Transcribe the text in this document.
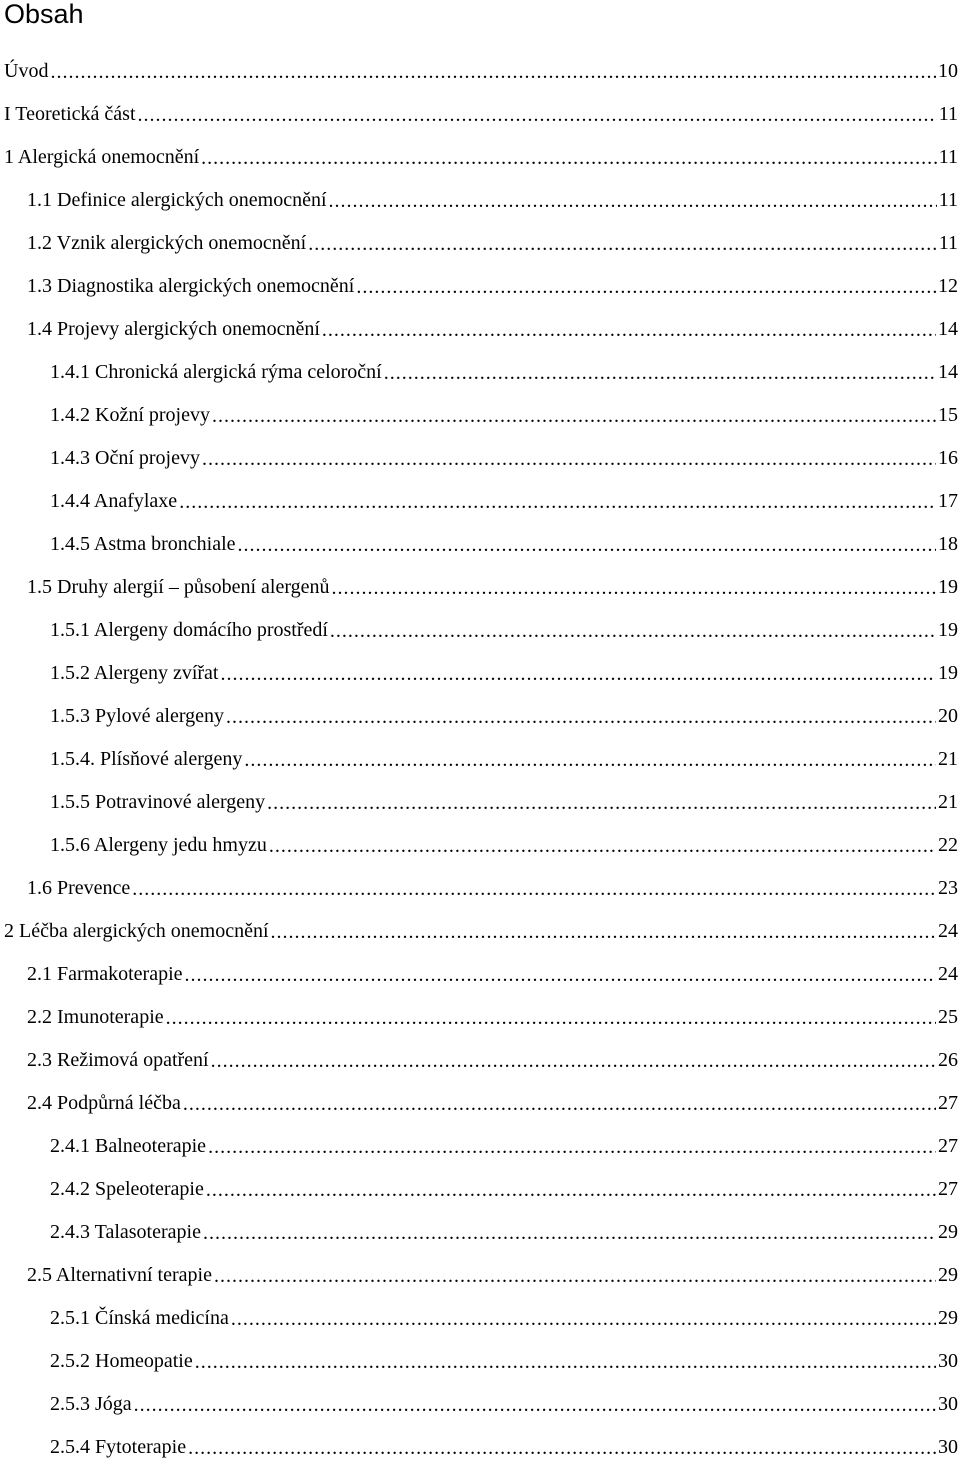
Obsah
Úvod .....	10
I Teoretická část .....	11
1 Alergická onemocnění .....	11
1.1 Definice alergických onemocnění .....	11
1.2 Vznik alergických onemocnění .....	11
1.3 Diagnostika alergických onemocnění .....	12
1.4 Projevy alergických onemocnění .....	14
1.4.1 Chronická alergická rýma celoroční .....	14
1.4.2 Kožní projevy .....	15
1.4.3 Oční projevy .....	16
1.4.4 Anafylaxe .....	17
1.4.5 Astma bronchiale .....	18
1.5 Druhy alergií – působení alergenů .....	19
1.5.1 Alergeny domácího prostředí .....	19
1.5.2 Alergeny zvířat .....	19
1.5.3 Pylové alergeny .....	20
1.5.4. Plísňové alergeny .....	21
1.5.5 Potravinové alergeny .....	21
1.5.6 Alergeny jedu hmyzu .....	22
1.6 Prevence .....	23
2 Léčba alergických onemocnění .....	24
2.1 Farmakoterapie .....	24
2.2 Imunoterapie .....	25
2.3 Režimová opatření .....	26
2.4 Podpůrná léčba .....	27
2.4.1 Balneoterapie .....	27
2.4.2 Speleoterapie .....	27
2.4.3 Talasoterapie .....	29
2.5 Alternativní terapie .....	29
2.5.1 Čínská medicína .....	29
2.5.2 Homeopatie .....	30
2.5.3 Jóga .....	30
2.5.4 Fytoterapie .....	30
